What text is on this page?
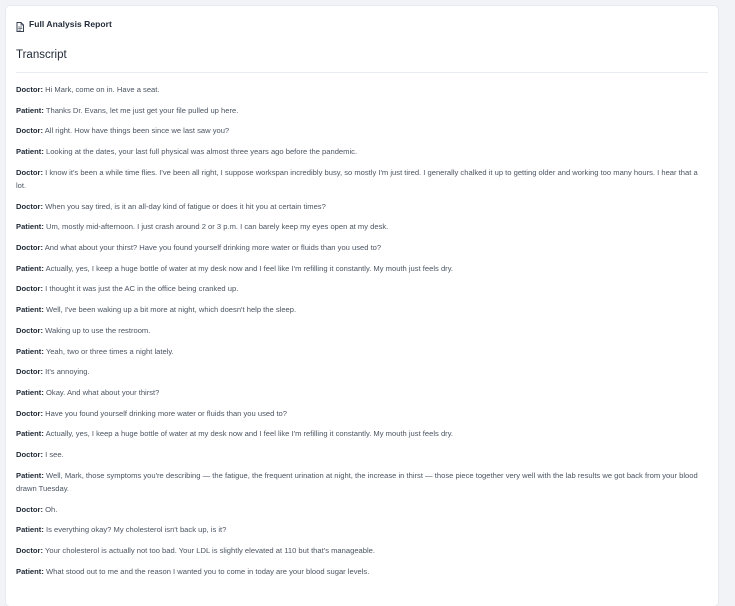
Full Analysis Report
Transcript
Doctor: Hi Mark, come on in. Have a seat.
Patient: Thanks Dr. Evans, let me just get your file pulled up here.
Doctor: All right. How have things been since we last saw you?
Patient: Looking at the dates, your last full physical was almost three years ago before the pandemic.
Doctor: I know it's been a while time flies. I've been all right, I suppose workspan incredibly busy, so mostly I'm just tired. I generally chalked it up to getting older and working too many hours. I hear that a lot.
Doctor: When you say tired, is it an all-day kind of fatigue or does it hit you at certain times?
Patient: Um, mostly mid-afternoon. I just crash around 2 or 3 p.m. I can barely keep my eyes open at my desk.
Doctor: And what about your thirst? Have you found yourself drinking more water or fluids than you used to?
Patient: Actually, yes, I keep a huge bottle of water at my desk now and I feel like I'm refilling it constantly. My mouth just feels dry.
Doctor: I thought it was just the AC in the office being cranked up.
Patient: Well, I've been waking up a bit more at night, which doesn't help the sleep.
Doctor: Waking up to use the restroom.
Patient: Yeah, two or three times a night lately.
Doctor: It's annoying.
Patient: Okay. And what about your thirst?
Doctor: Have you found yourself drinking more water or fluids than you used to?
Patient: Actually, yes, I keep a huge bottle of water at my desk now and I feel like I'm refilling it constantly. My mouth just feels dry.
Doctor: I see.
Patient: Well, Mark, those symptoms you're describing — the fatigue, the frequent urination at night, the increase in thirst — those piece together very well with the lab results we got back from your blood drawn Tuesday.
Doctor: Oh.
Patient: Is everything okay? My cholesterol isn't back up, is it?
Doctor: Your cholesterol is actually not too bad. Your LDL is slightly elevated at 110 but that's manageable.
Patient: What stood out to me and the reason I wanted you to come in today are your blood sugar levels.
